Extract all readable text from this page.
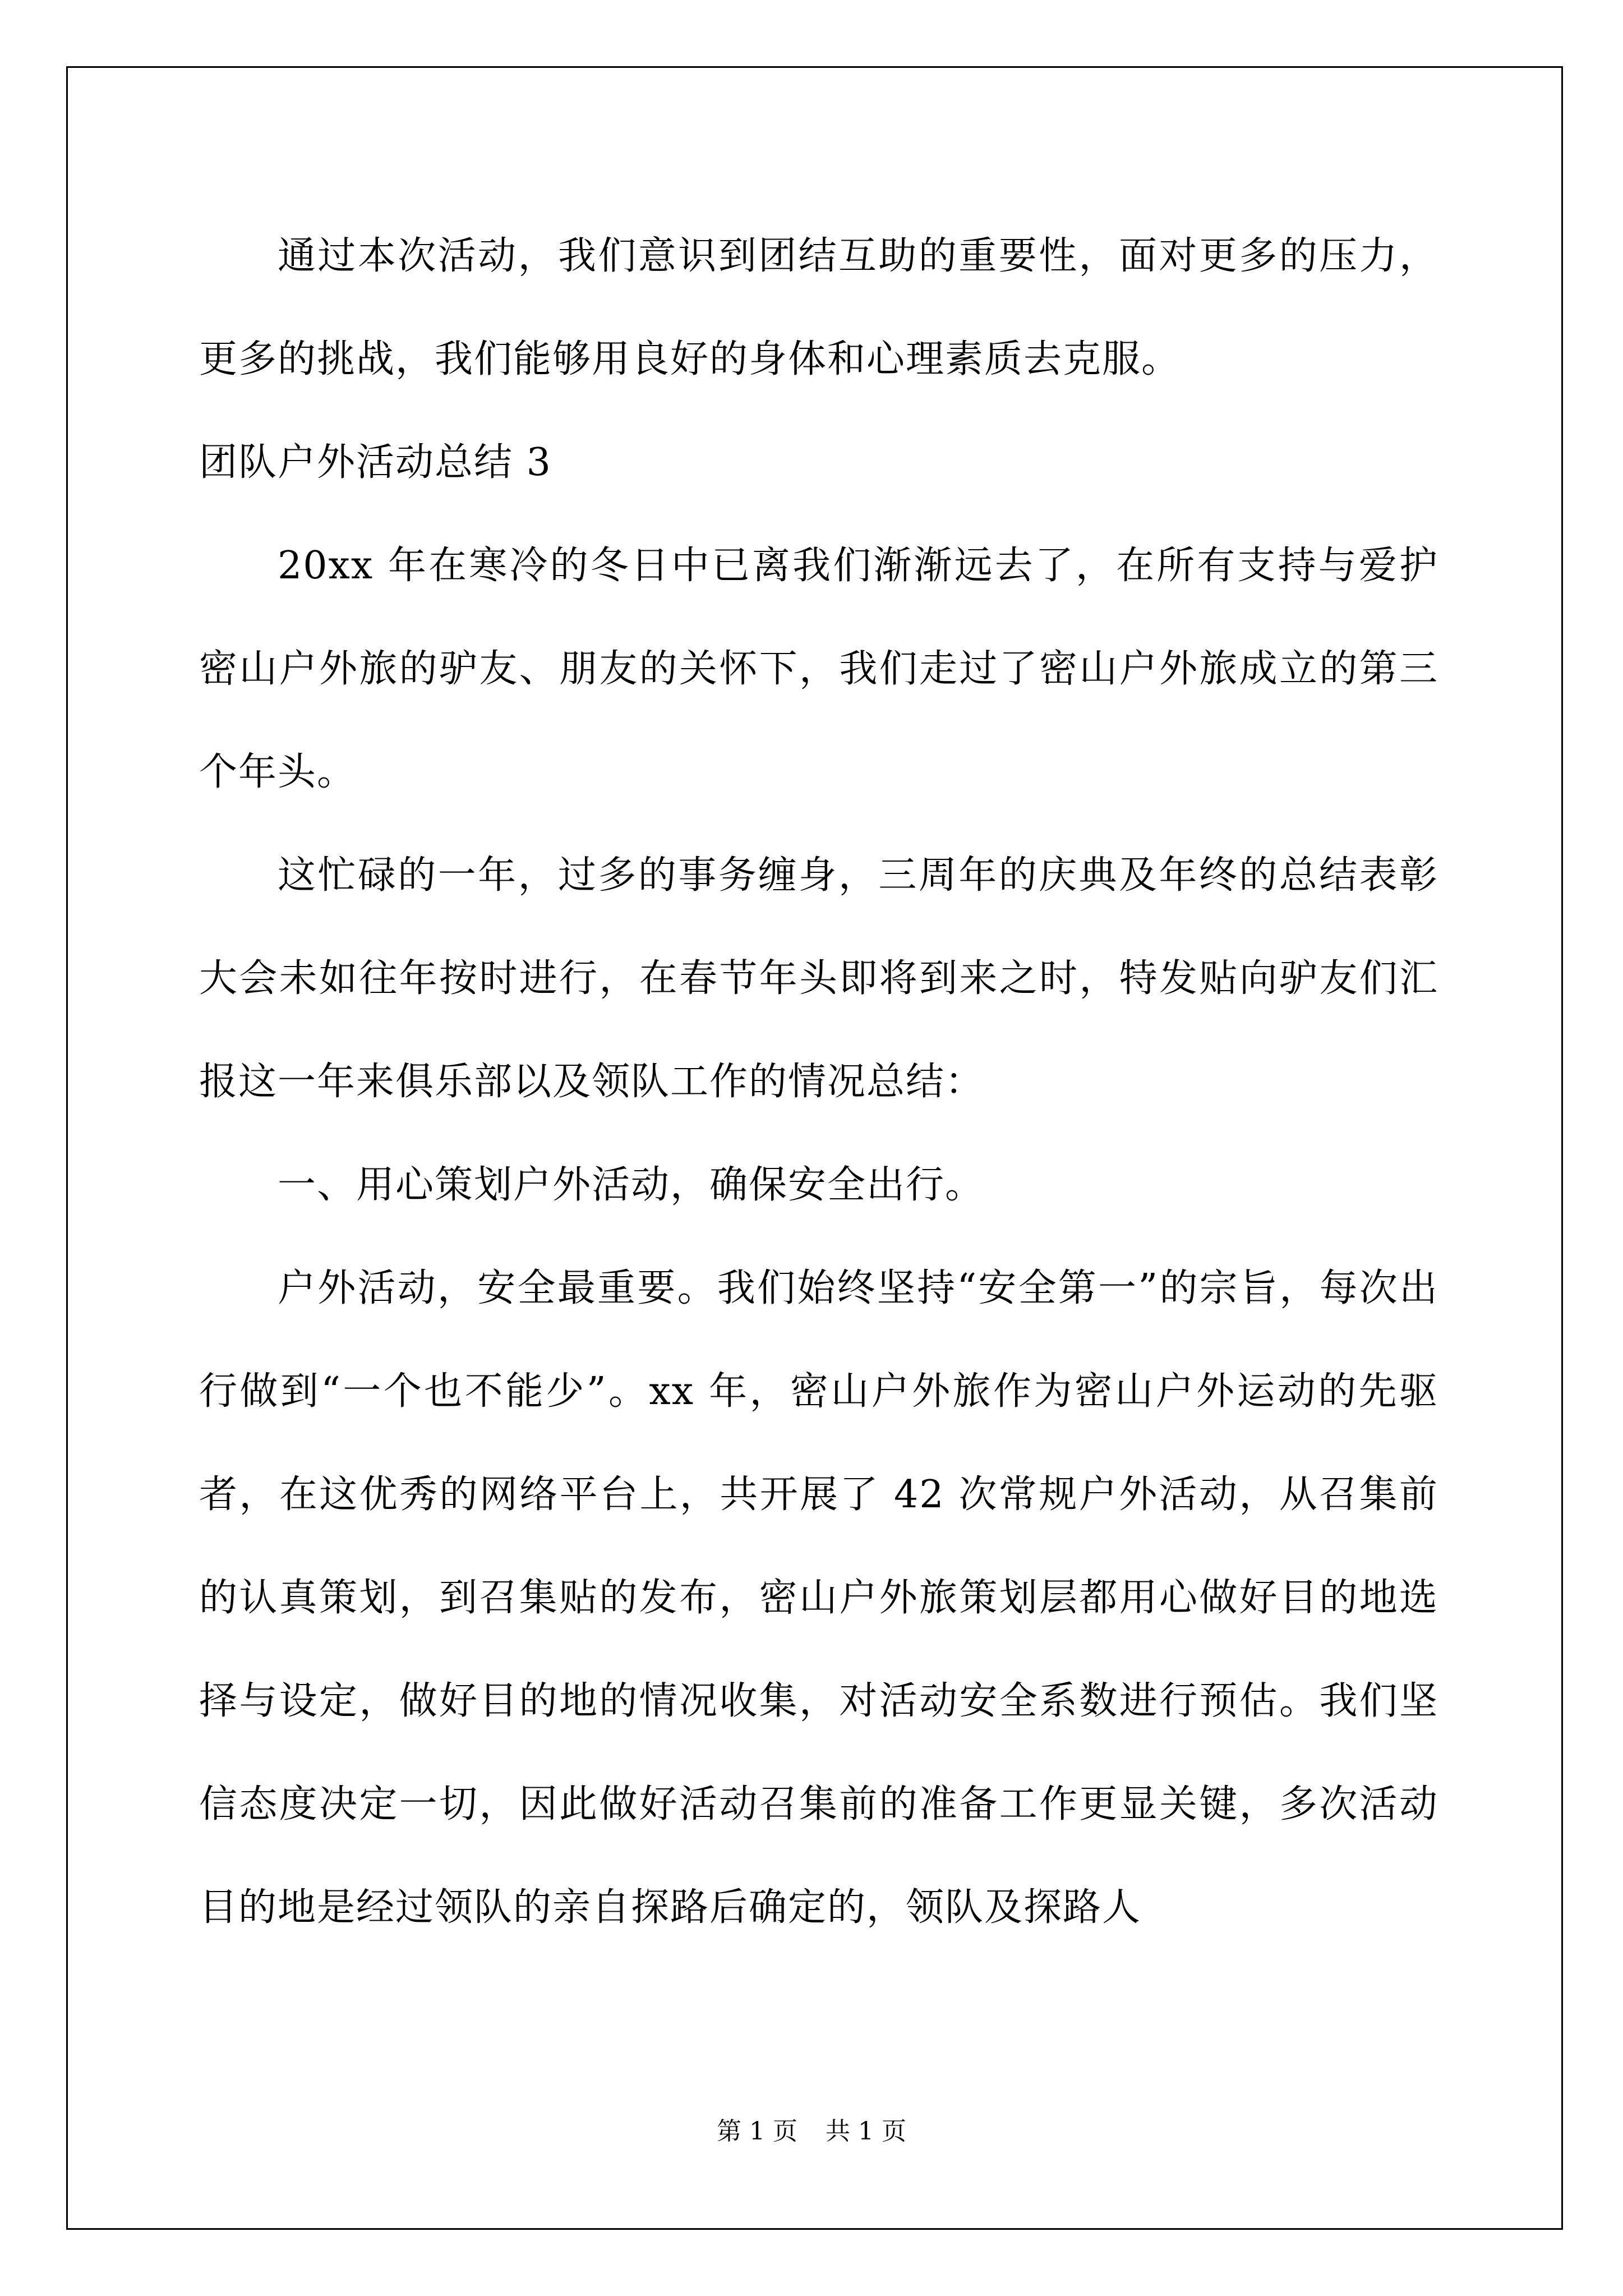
通过本次活动，我们意识到团结互助的重要性，面对更多的压力，更多的挑战，我们能够用良好的身体和心理素质去克服。

团队户外活动总结 3

20xx 年在寒冷的冬日中已离我们渐渐远去了，在所有支持与爱护密山户外旅的驴友、朋友的关怀下，我们走过了密山户外旅成立的第三个年头。

这忙碌的一年，过多的事务缠身，三周年的庆典及年终的总结表彰大会未如往年按时进行，在春节年头即将到来之时，特发贴向驴友们汇报这一年来俱乐部以及领队工作的情况总结：

一、用心策划户外活动，确保安全出行。

户外活动，安全最重要。我们始终坚持“安全第一”的宗旨，每次出行做到“一个也不能少”。xx 年，密山户外旅作为密山户外运动的先驱者，在这优秀的网络平台上，共开展了 42 次常规户外活动，从召集前的认真策划，到召集贴的发布，密山户外旅策划层都用心做好目的地选择与设定，做好目的地的情况收集，对活动安全系数进行预估。我们坚信态度决定一切，因此做好活动召集前的准备工作更显关键，多次活动目的地是经过领队的亲自探路后确定的，领队及探路人

第 1 页 共 1 页
